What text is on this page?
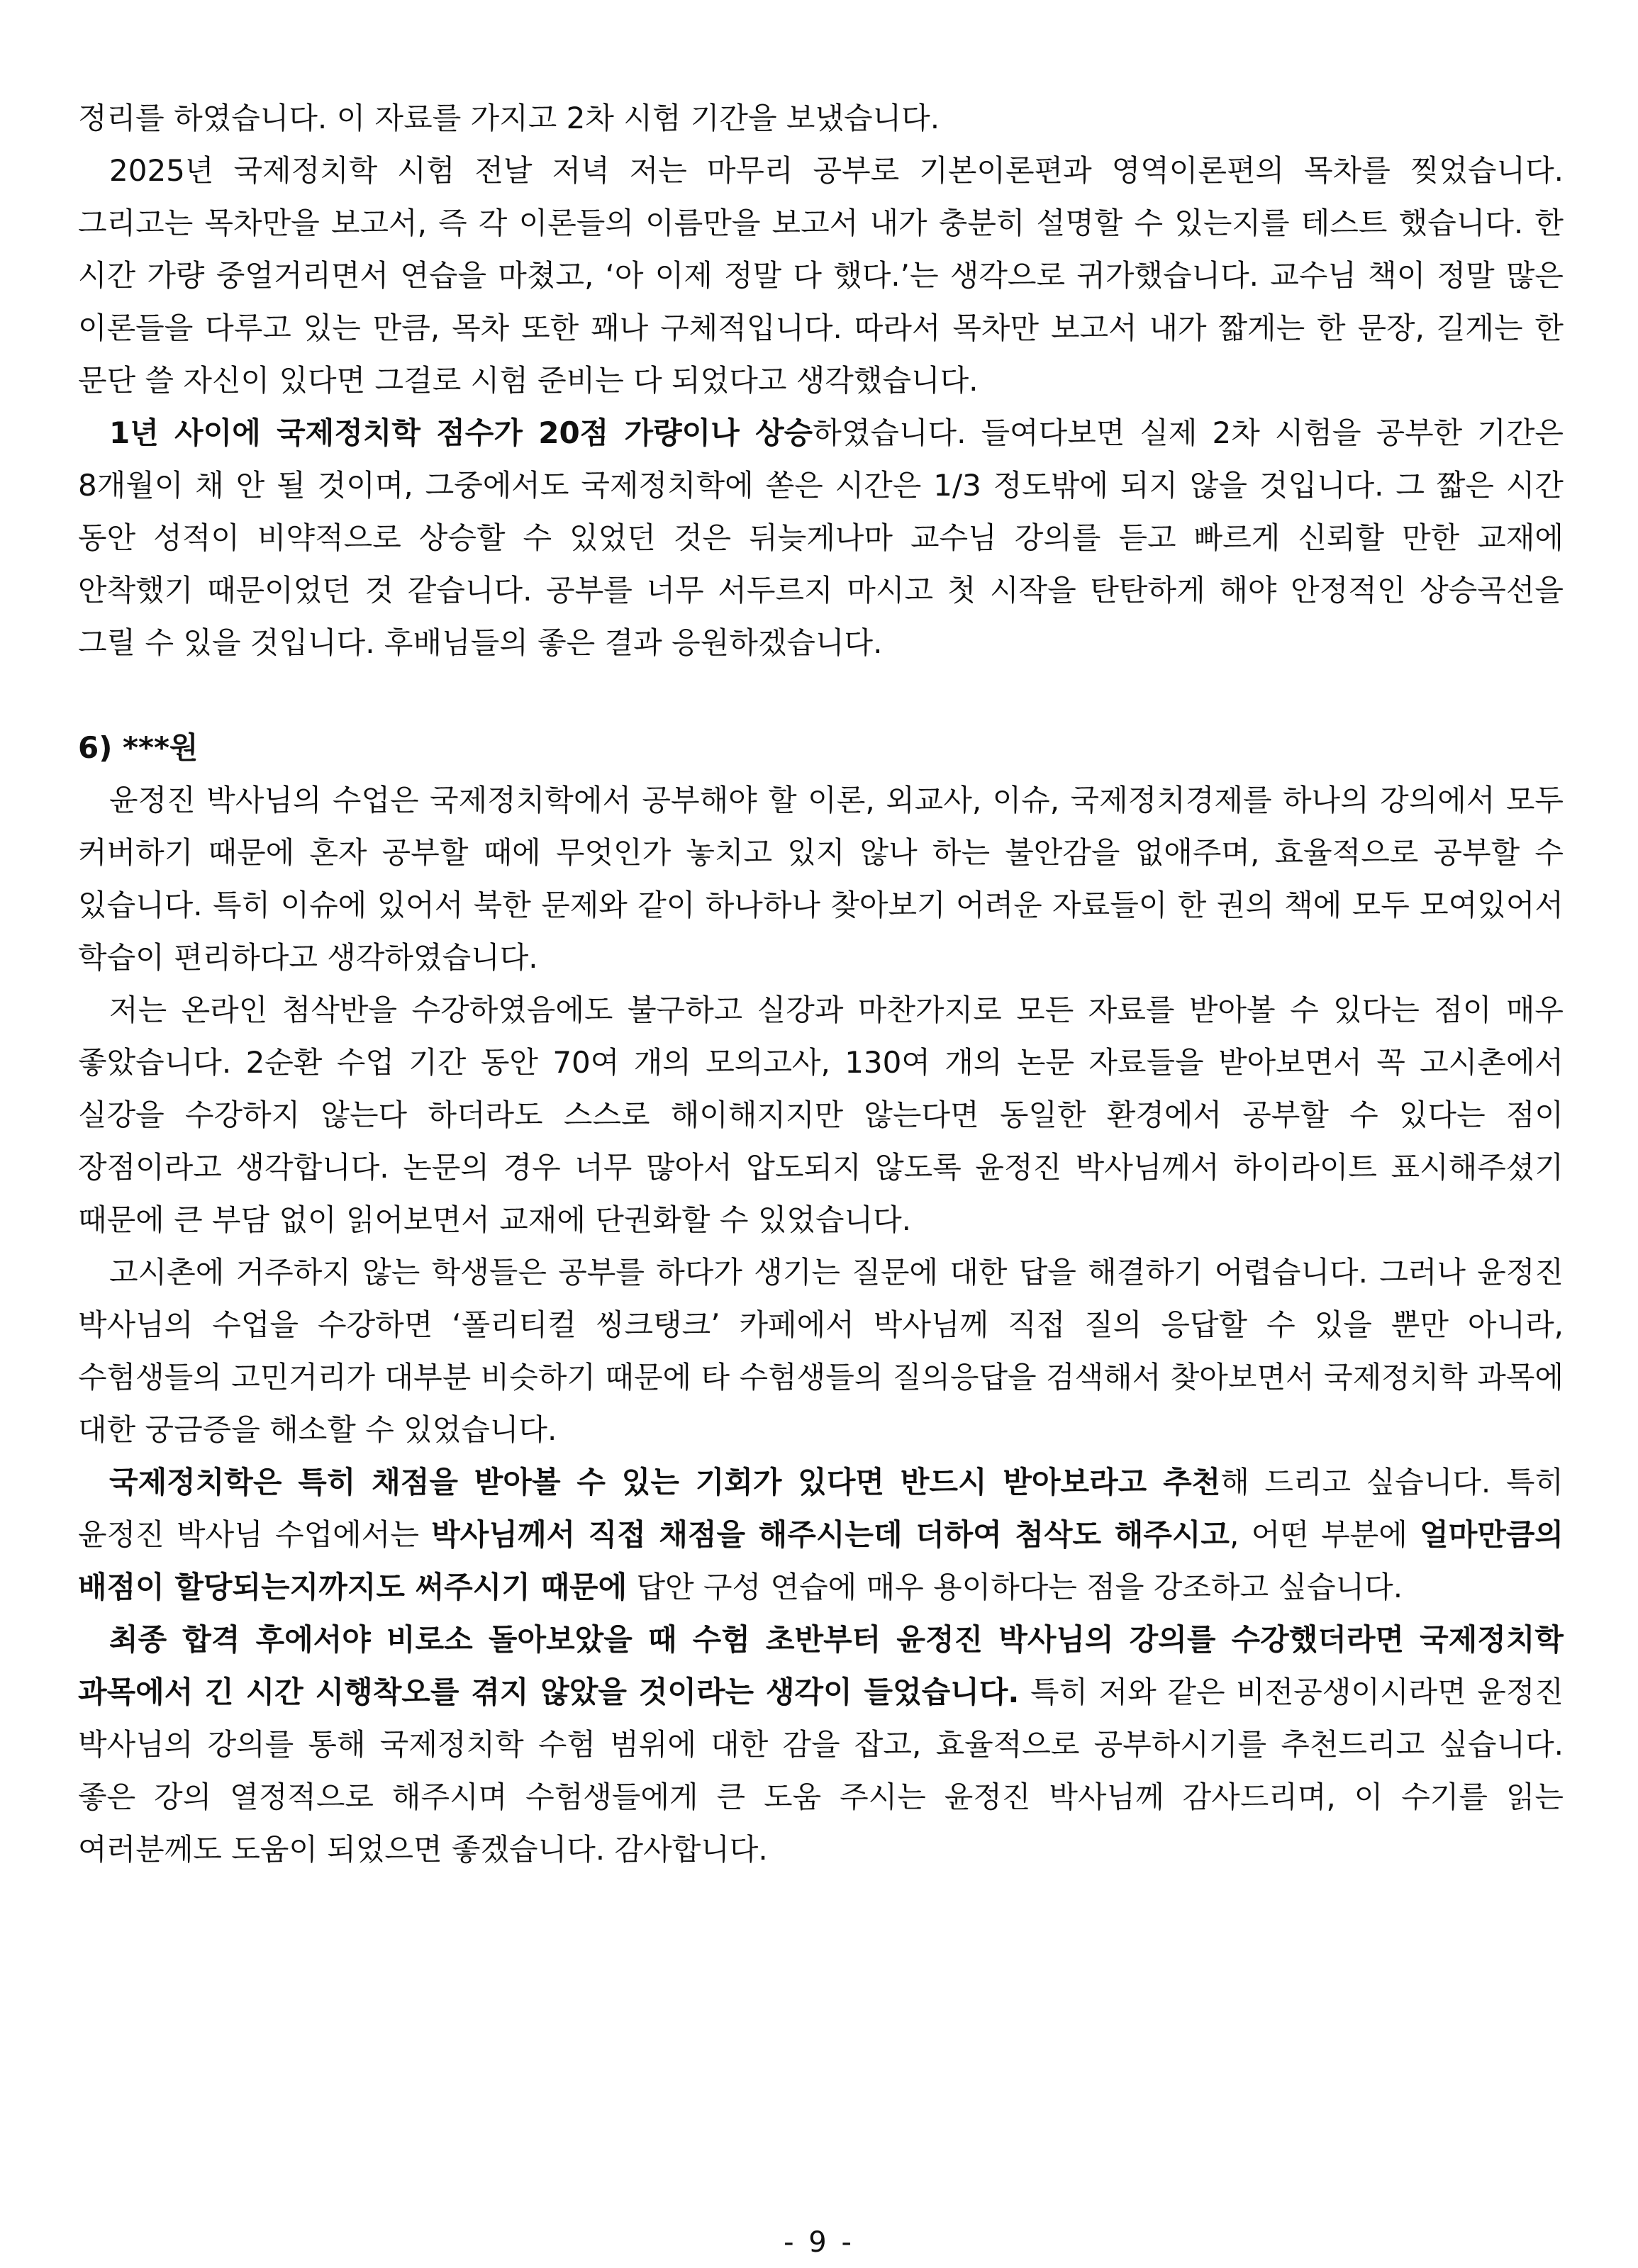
정리를 하였습니다. 이 자료를 가지고 2차 시험 기간을 보냈습니다.

2025년 국제정치학 시험 전날 저녁 저는 마무리 공부로 기본이론편과 영역이론편의 목차를 찢었습니다. 그리고는 목차만을 보고서, 즉 각 이론들의 이름만을 보고서 내가 충분히 설명할 수 있는지를 테스트 했습니다. 한 시간 가량 중얼거리면서 연습을 마쳤고, ‘아 이제 정말 다 했다.’는 생각으로 귀가했습니다. 교수님 책이 정말 많은 이론들을 다루고 있는 만큼, 목차 또한 꽤나 구체적입니다. 따라서 목차만 보고서 내가 짧게는 한 문장, 길게는 한 문단 쓸 자신이 있다면 그걸로 시험 준비는 다 되었다고 생각했습니다.

1년 사이에 국제정치학 점수가 20점 가량이나 상승하였습니다. 들여다보면 실제 2차 시험을 공부한 기간은 8개월이 채 안 될 것이며, 그중에서도 국제정치학에 쏟은 시간은 1/3 정도밖에 되지 않을 것입니다. 그 짧은 시간 동안 성적이 비약적으로 상승할 수 있었던 것은 뒤늦게나마 교수님 강의를 듣고 빠르게 신뢰할 만한 교재에 안착했기 때문이었던 것 같습니다. 공부를 너무 서두르지 마시고 첫 시작을 탄탄하게 해야 안정적인 상승곡선을 그릴 수 있을 것입니다. 후배님들의 좋은 결과 응원하겠습니다.

6) ***원

윤정진 박사님의 수업은 국제정치학에서 공부해야 할 이론, 외교사, 이슈, 국제정치경제를 하나의 강의에서 모두 커버하기 때문에 혼자 공부할 때에 무엇인가 놓치고 있지 않나 하는 불안감을 없애주며, 효율적으로 공부할 수 있습니다. 특히 이슈에 있어서 북한 문제와 같이 하나하나 찾아보기 어려운 자료들이 한 권의 책에 모두 모여있어서 학습이 편리하다고 생각하였습니다.

저는 온라인 첨삭반을 수강하였음에도 불구하고 실강과 마찬가지로 모든 자료를 받아볼 수 있다는 점이 매우 좋았습니다. 2순환 수업 기간 동안 70여 개의 모의고사, 130여 개의 논문 자료들을 받아보면서 꼭 고시촌에서 실강을 수강하지 않는다 하더라도 스스로 해이해지지만 않는다면 동일한 환경에서 공부할 수 있다는 점이 장점이라고 생각합니다. 논문의 경우 너무 많아서 압도되지 않도록 윤정진 박사님께서 하이라이트 표시해주셨기 때문에 큰 부담 없이 읽어보면서 교재에 단권화할 수 있었습니다.

고시촌에 거주하지 않는 학생들은 공부를 하다가 생기는 질문에 대한 답을 해결하기 어렵습니다. 그러나 윤정진 박사님의 수업을 수강하면 ‘폴리티컬 씽크탱크’ 카페에서 박사님께 직접 질의 응답할 수 있을 뿐만 아니라, 수험생들의 고민거리가 대부분 비슷하기 때문에 타 수험생들의 질의응답을 검색해서 찾아보면서 국제정치학 과목에 대한 궁금증을 해소할 수 있었습니다.

국제정치학은 특히 채점을 받아볼 수 있는 기회가 있다면 반드시 받아보라고 추천해 드리고 싶습니다. 특히 윤정진 박사님 수업에서는 박사님께서 직접 채점을 해주시는데 더하여 첨삭도 해주시고, 어떤 부분에 얼마만큼의 배점이 할당되는지까지도 써주시기 때문에 답안 구성 연습에 매우 용이하다는 점을 강조하고 싶습니다.

최종 합격 후에서야 비로소 돌아보았을 때 수험 초반부터 윤정진 박사님의 강의를 수강했더라면 국제정치학 과목에서 긴 시간 시행착오를 겪지 않았을 것이라는 생각이 들었습니다. 특히 저와 같은 비전공생이시라면 윤정진 박사님의 강의를 통해 국제정치학 수험 범위에 대한 감을 잡고, 효율적으로 공부하시기를 추천드리고 싶습니다. 좋은 강의 열정적으로 해주시며 수험생들에게 큰 도움 주시는 윤정진 박사님께 감사드리며, 이 수기를 읽는 여러분께도 도움이 되었으면 좋겠습니다. 감사합니다.

- 9 -
